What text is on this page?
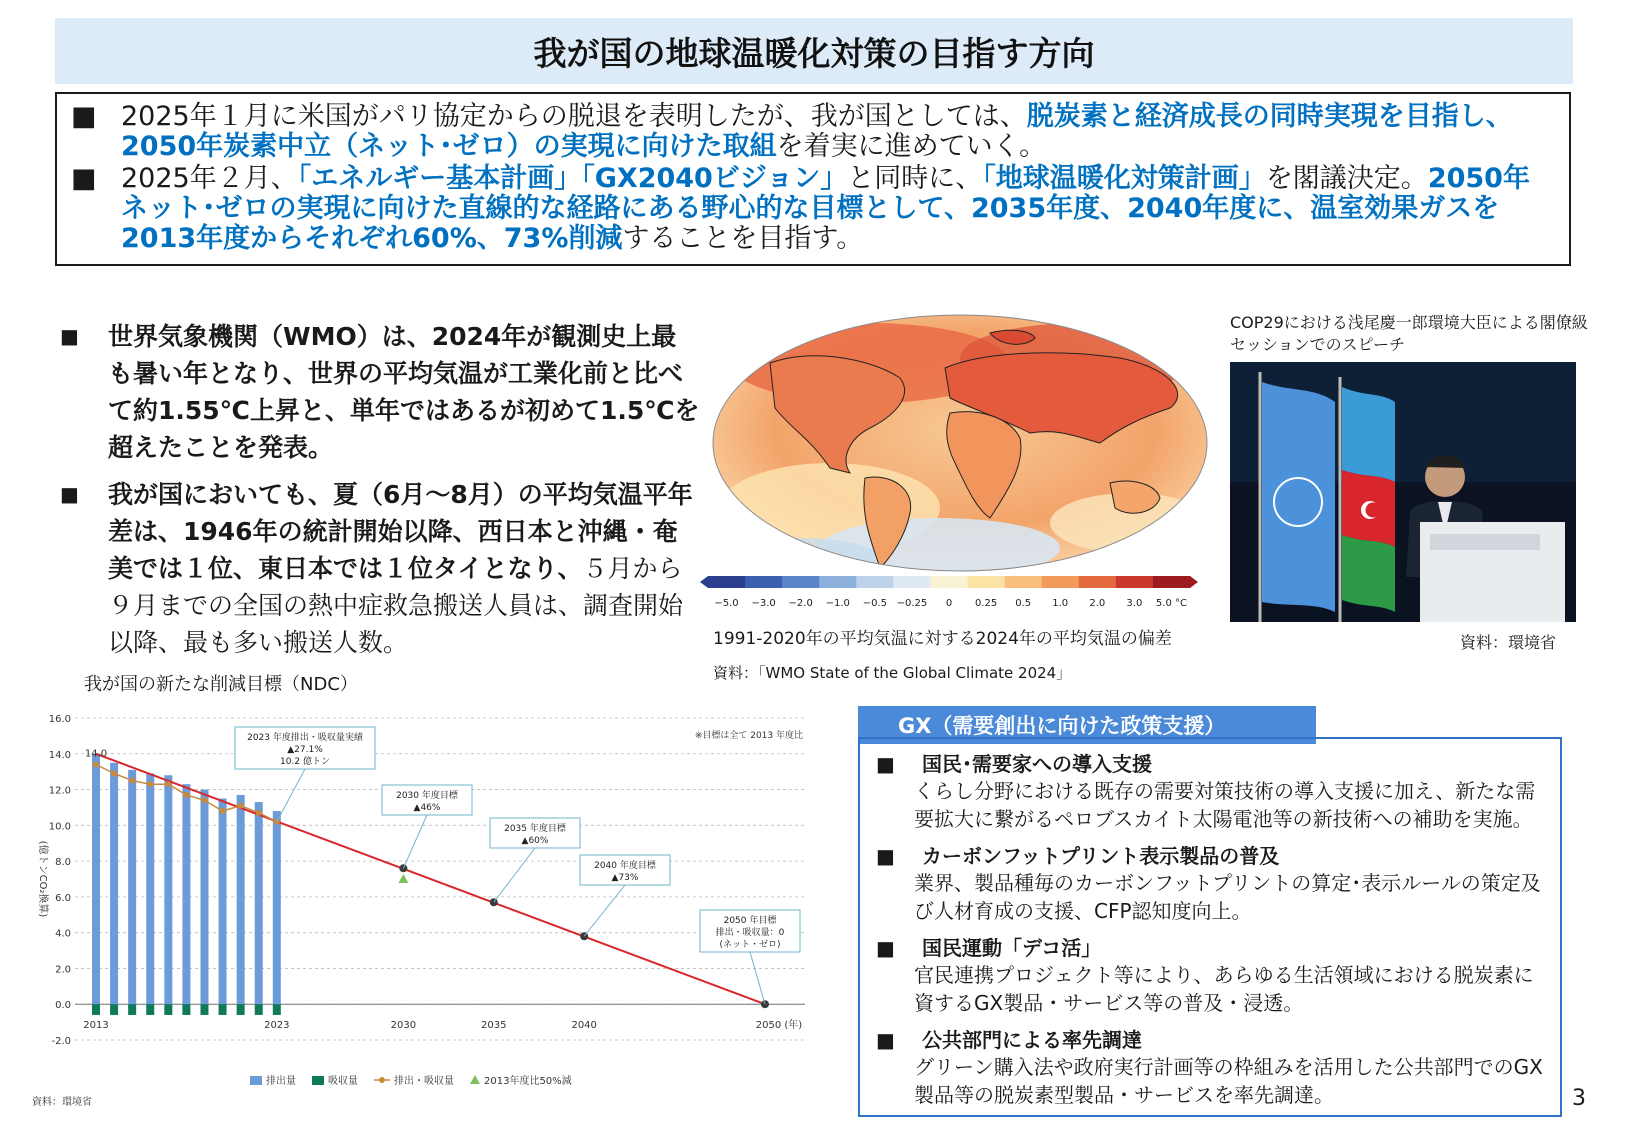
我が国の地球温暖化対策の目指す方向
■ 2025年１月に米国がパリ協定からの脱退を表明したが、我が国としては、脱炭素と経済成長の同時実現を目指し、2050年炭素中立（ネット･ゼロ）の実現に向けた取組を着実に進めていく。
■ 2025年２月、「エネルギー基本計画」「GX2040ビジョン」と同時に、「地球温暖化対策計画」を閣議決定。2050年ネット･ゼロの実現に向けた直線的な経路にある野心的な目標として、2035年度、2040年度に、温室効果ガスを2013年度からそれぞれ60%、73%削減することを目指す。
■ 世界気象機関（WMO）は、2024年が観測史上最も暑い年となり、世界の平均気温が工業化前と比べて約1.55℃上昇と、単年ではあるが初めて1.5℃を超えたことを発表。
■ 我が国においても、夏（6月～8月）の平均気温平年差は、1946年の統計開始以降、西日本と沖縄・奄美では１位、東日本では１位タイとなり、５月から９月までの全国の熱中症救急搬送人員は、調査開始以降、最も多い搬送人数。
−5.0 −3.0 −2.0 −1.0 −0.5 −0.25 0 0.25 0.5 1.0 2.0 3.0 5.0 °C
1991-2020年の平均気温に対する2024年の平均気温の偏差
資料：「WMO State of the Global Climate 2024」
COP29における浅尾慶一郎環境大臣による閣僚級セッションでのスピーチ
資料：環境省
我が国の新たな削減目標（NDC）
16.0
14.0
12.0
10.0
8.0
6.0
4.0
2.0
0.0
-2.0
(億トンCO₂換算)
※目標は全て 2013 年度比
14.0
2013	2023	2030	2035	2040	2050 (年)
2023 年度排出・吸収量実績
▲27.1%
10.2 億トン
2030 年度目標
▲46%
2035 年度目標
▲60%
2040 年度目標
▲73%
2050 年目標
排出・吸収量：0
(ネット・ゼロ)
排出量	吸収量	排出・吸収量	2013年度比50%減
資料：環境省
GX（需要創出に向けた政策支援）
■ 国民･需要家への導入支援
くらし分野における既存の需要対策技術の導入支援に加え、新たな需要拡大に繋がるペロブスカイト太陽電池等の新技術への補助を実施。
■ カーボンフットプリント表示製品の普及
業界、製品種毎のカーボンフットプリントの算定･表示ルールの策定及び人材育成の支援、CFP認知度向上。
■ 国民運動「デコ活」
官民連携プロジェクト等により、あらゆる生活領域における脱炭素に資するGX製品・サービス等の普及・浸透。
■ 公共部門による率先調達
グリーン購入法や政府実行計画等の枠組みを活用した公共部門でのGX製品等の脱炭素型製品・サービスを率先調達。	3
